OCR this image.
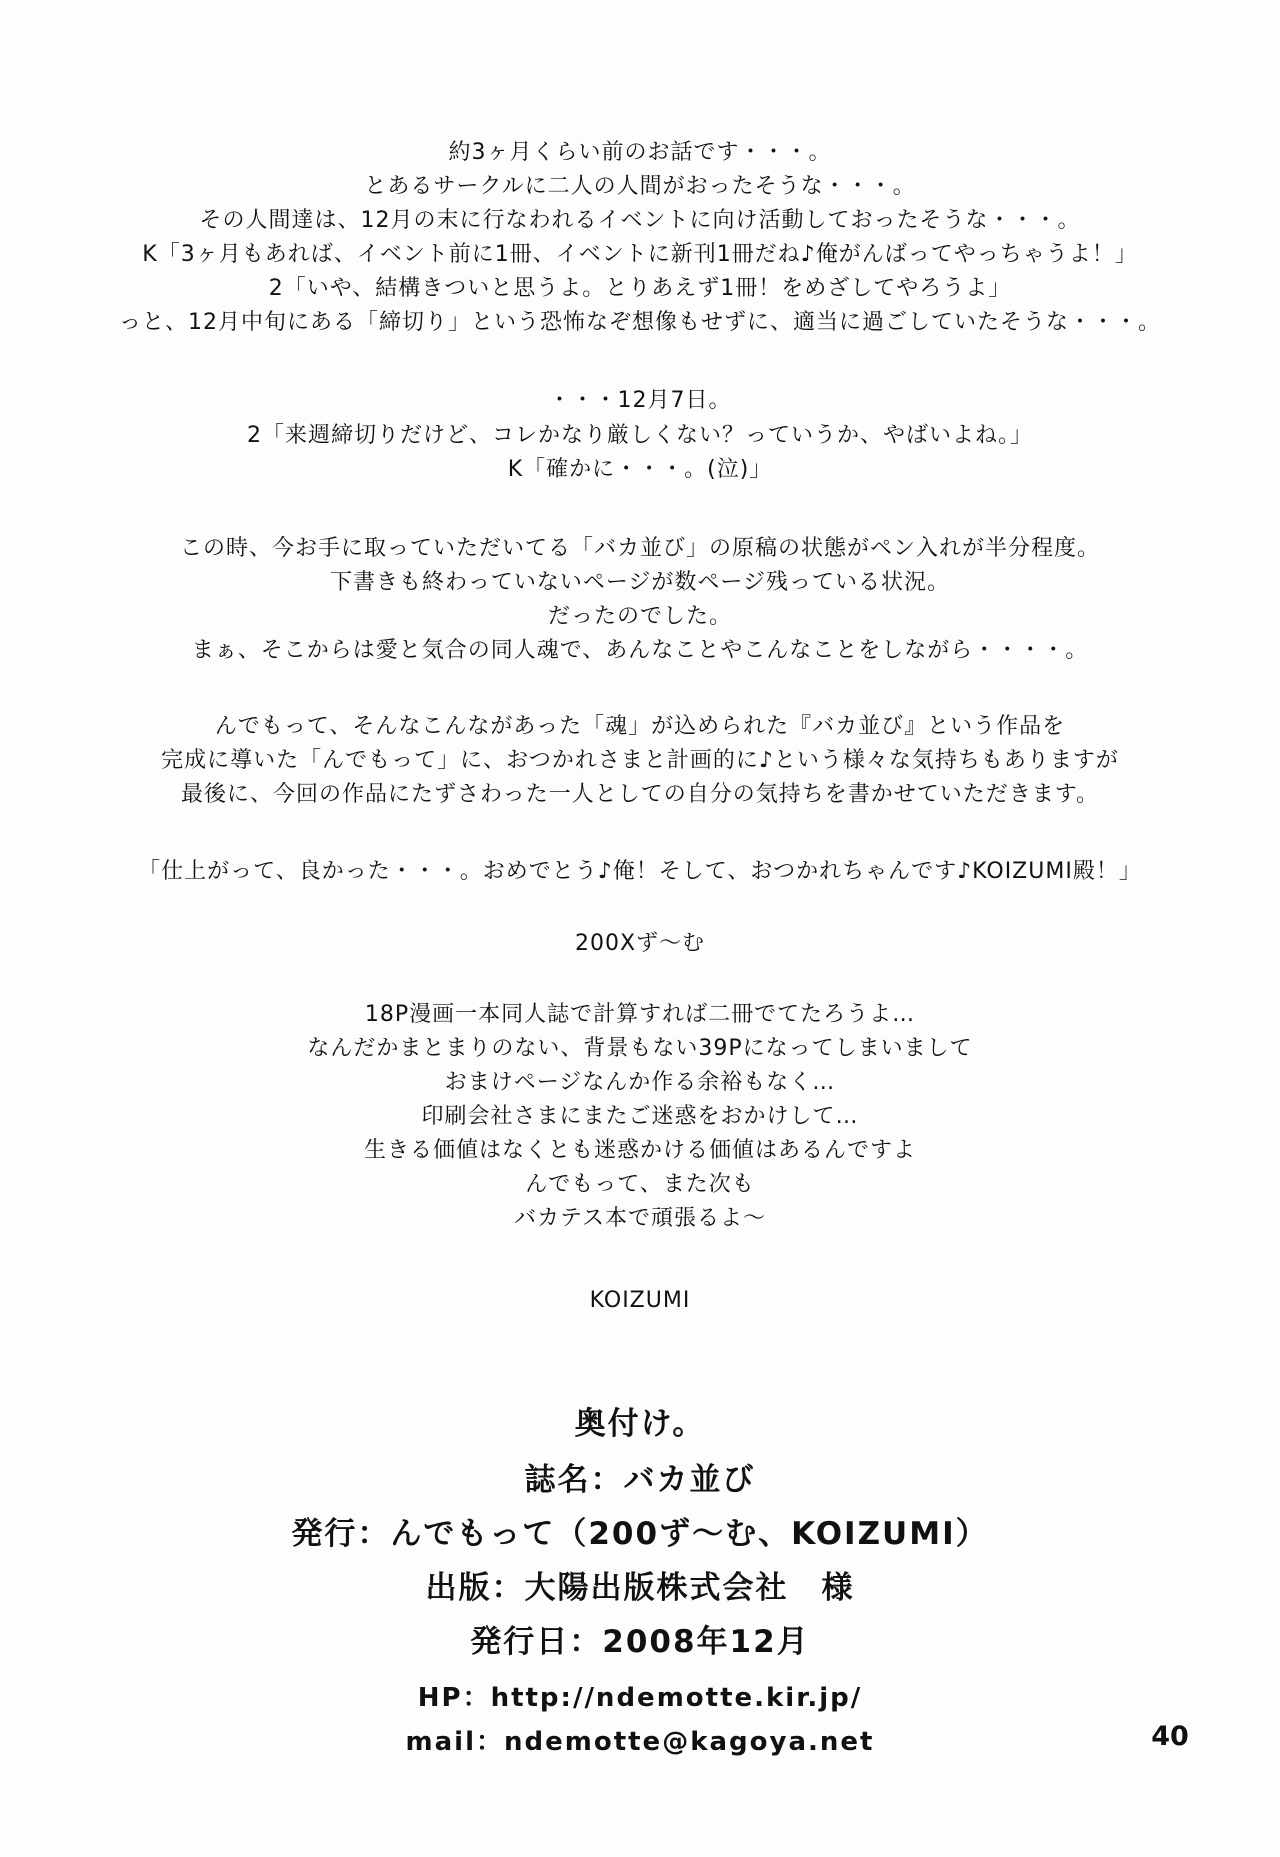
約3ヶ月くらい前のお話です・・・。
とあるサークルに二人の人間がおったそうな・・・。
その人間達は、12月の末に行なわれるイベントに向け活動しておったそうな・・・。
K「3ヶ月もあれば、イベント前に1冊、イベントに新刊1冊だね♪俺がんばってやっちゃうよ！」
2「いや、結構きついと思うよ。とりあえず1冊！をめざしてやろうよ」
っと、12月中旬にある「締切り」という恐怖なぞ想像もせずに、適当に過ごしていたそうな・・・。
・・・12月7日。
2「来週締切りだけど、コレかなり厳しくない？っていうか、やばいよね。」
K「確かに・・・。(泣)」
この時、今お手に取っていただいてる「バカ並び」の原稿の状態がペン入れが半分程度。
下書きも終わっていないページが数ページ残っている状況。
だったのでした。
まぁ、そこからは愛と気合の同人魂で、あんなことやこんなことをしながら・・・・。
んでもって、そんなこんながあった「魂」が込められた『バカ並び』という作品を
完成に導いた「んでもって」に、おつかれさまと計画的に♪という様々な気持ちもありますが
最後に、今回の作品にたずさわった一人としての自分の気持ちを書かせていただきます。
「仕上がって、良かった・・・。おめでとう♪俺！そして、おつかれちゃんです♪KOIZUMI殿！」
200Xず～む
18P漫画一本同人誌で計算すれば二冊でてたろうよ…
なんだかまとまりのない、背景もない39Pになってしまいまして
おまけページなんか作る余裕もなく…
印刷会社さまにまたご迷惑をおかけして…
生きる価値はなくとも迷惑かける価値はあるんですよ
んでもって、また次も
バカテス本で頑張るよ～
KOIZUMI
奥付け。
誌名：バカ並び
発行：んでもって（200ず～む、KOIZUMI）
出版：大陽出版株式会社　様
発行日：2008年12月
HP：http://ndemotte.kir.jp/
mail：ndemotte@kagoya.net	40
